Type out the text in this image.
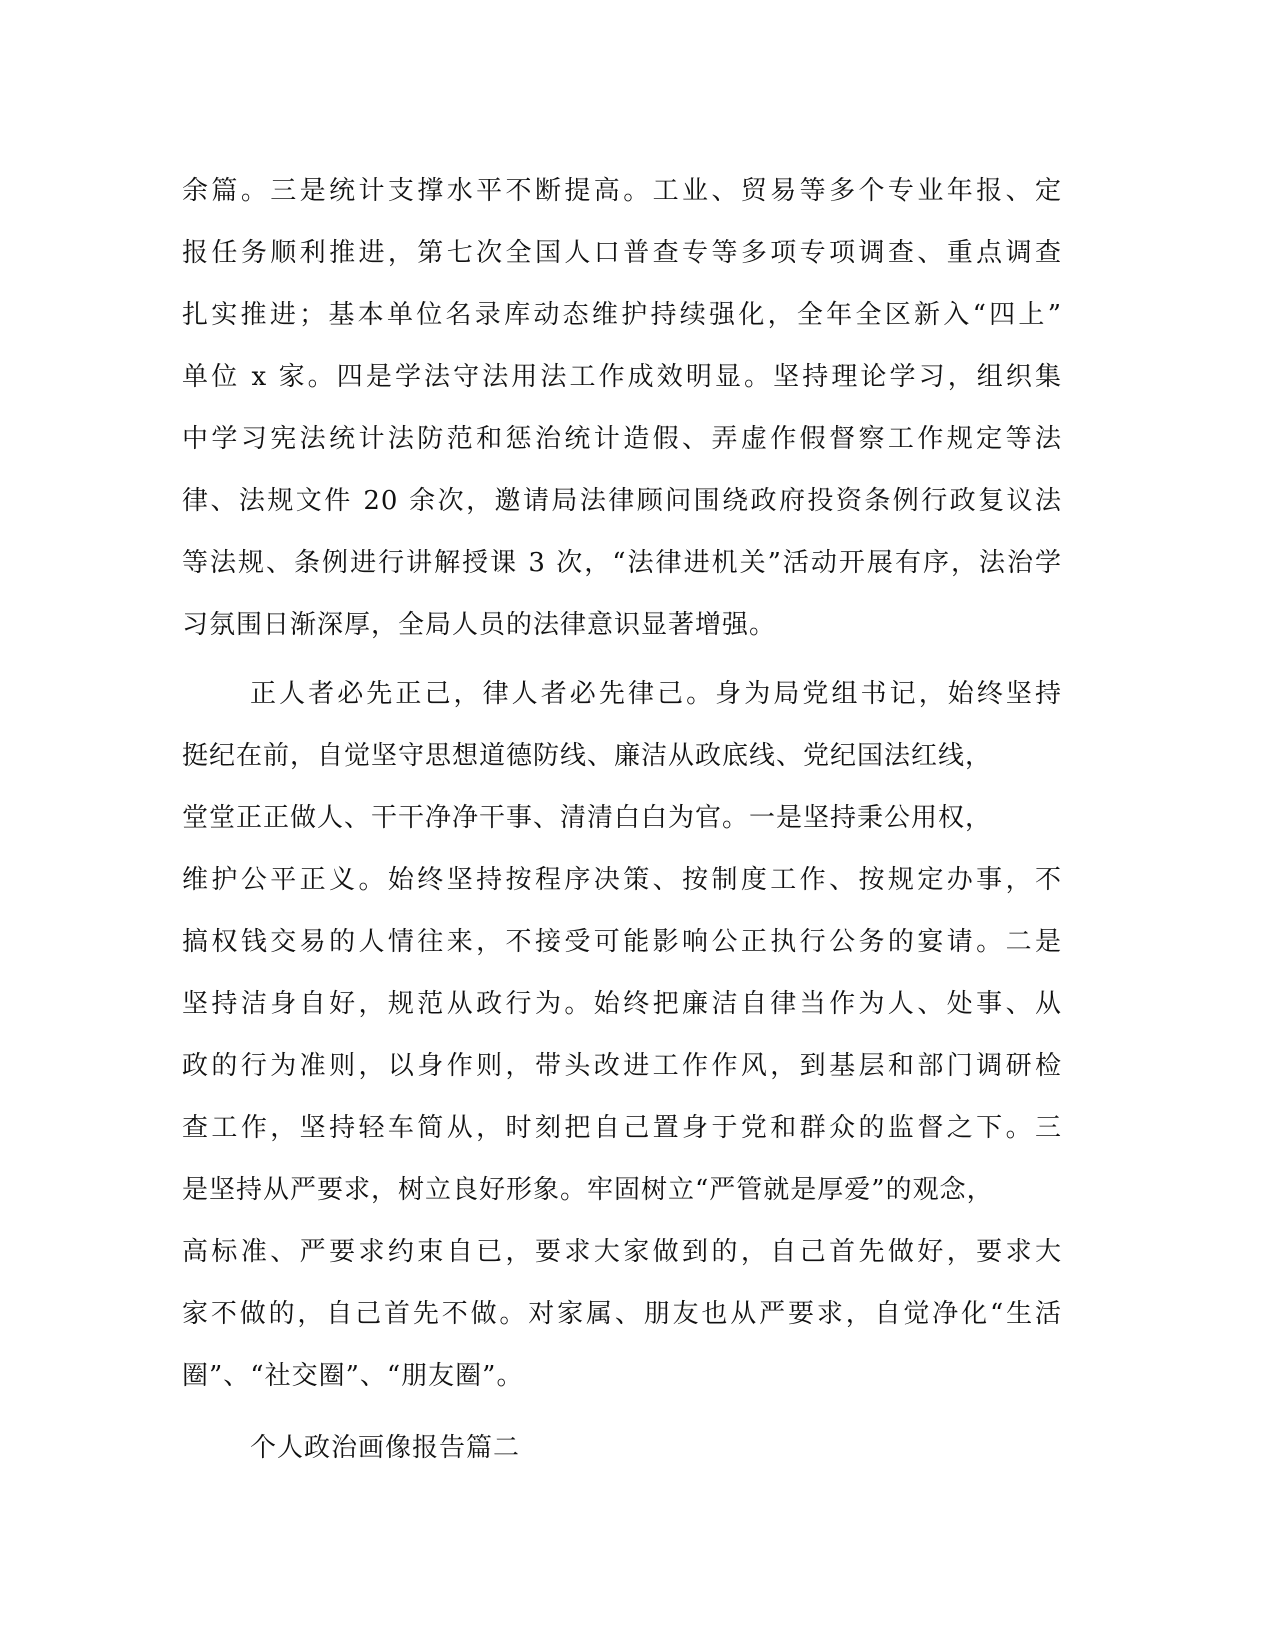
余篇。三是统计支撑水平不断提高。工业、贸易等多个专业年报、定
报任务顺利推进，第七次全国人口普查专等多项专项调查、重点调查
扎实推进；基本单位名录库动态维护持续强化，全年全区新入“四上”
单位 x 家。四是学法守法用法工作成效明显。坚持理论学习，组织集
中学习宪法统计法防范和惩治统计造假、弄虚作假督察工作规定等法
律、法规文件 20 余次，邀请局法律顾问围绕政府投资条例行政复议法
等法规、条例进行讲解授课 3 次，“法律进机关”活动开展有序，法治学
习氛围日渐深厚，全局人员的法律意识显著增强。
正人者必先正己，律人者必先律己。身为局党组书记，始终坚持
挺纪在前，自觉坚守思想道德防线、廉洁从政底线、党纪国法红线，
堂堂正正做人、干干净净干事、清清白白为官。一是坚持秉公用权，
维护公平正义。始终坚持按程序决策、按制度工作、按规定办事，不
搞权钱交易的人情往来，不接受可能影响公正执行公务的宴请。二是
坚持洁身自好，规范从政行为。始终把廉洁自律当作为人、处事、从
政的行为准则，以身作则，带头改进工作作风，到基层和部门调研检
查工作，坚持轻车简从，时刻把自己置身于党和群众的监督之下。三
是坚持从严要求，树立良好形象。牢固树立“严管就是厚爱”的观念，
高标准、严要求约束自已，要求大家做到的，自己首先做好，要求大
家不做的，自己首先不做。对家属、朋友也从严要求，自觉净化“生活
圈”、“社交圈”、“朋友圈”。
个人政治画像报告篇二
